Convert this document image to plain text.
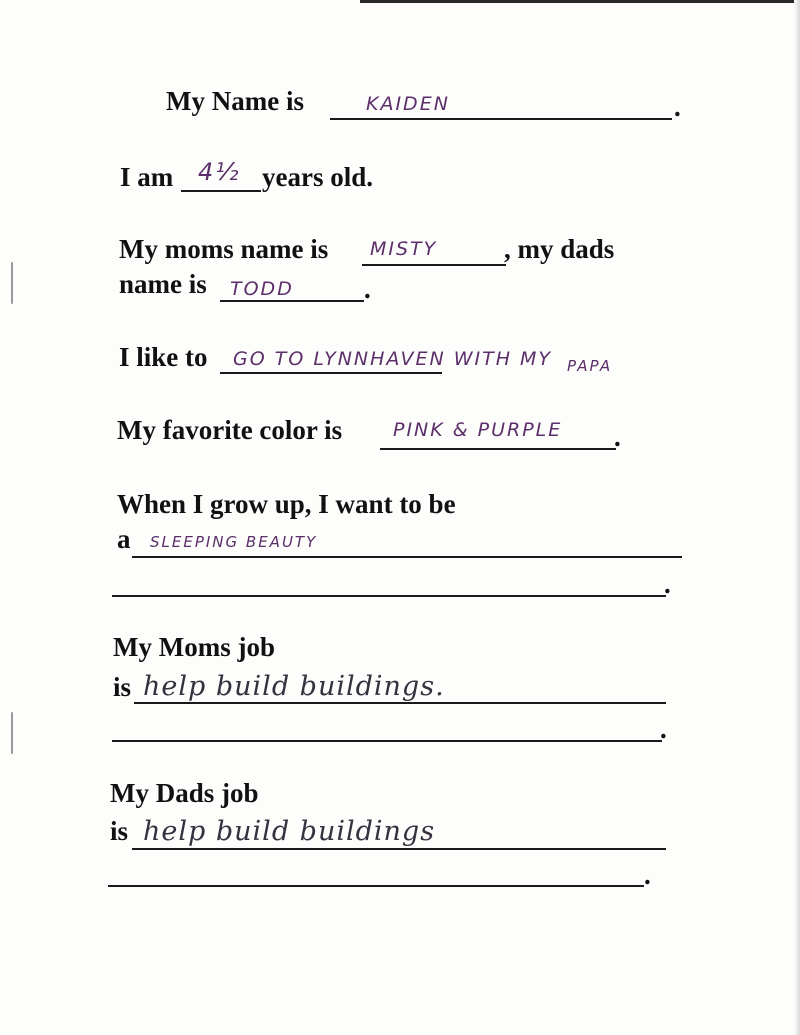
My Name is	KAIDEN	.
I am 4½ years old.
My moms name is MISTY , my dads
name is TODD	.
I like to GO TO LYNNHAVEN WITH MY PAPA
My favorite color is	PINK & PURPLE .
When I grow up, I want to be
a SLEEPING BEAUTY
.
My Moms job
is help build buildings.
.
My Dads job
is help build buildings
.
